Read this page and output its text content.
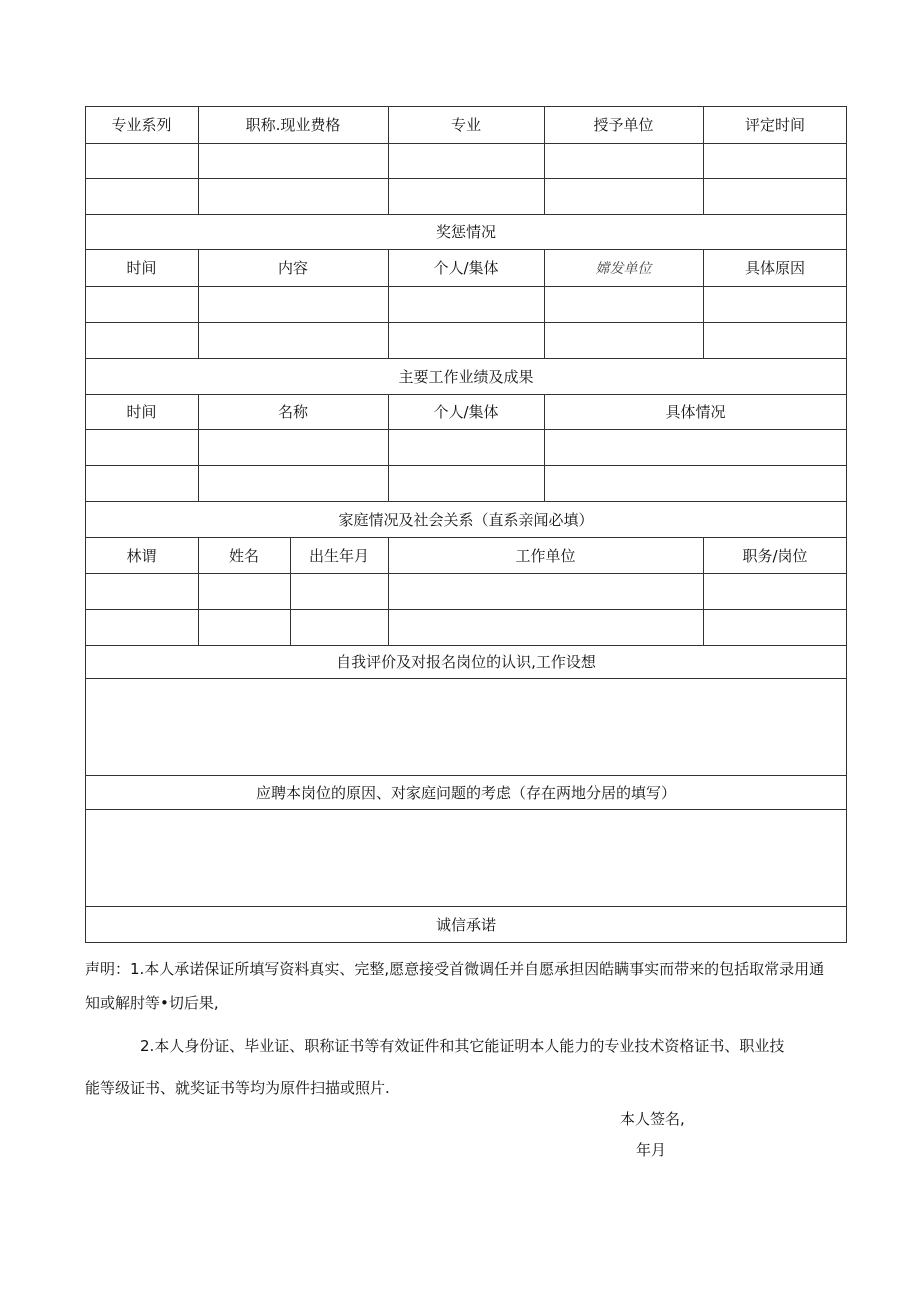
专业系列	职称.现业费格	专业	授予单位	评定时间
奖惩情况
时间	内容	个人/集体	嫦发单位	具体原因
主要工作业绩及成果
时间	名称	个人/集体	具体情况
家庭情况及社会关系（直系亲闻必填）
林谓	姓名	出生年月	工作单位	职务/岗位
自我评价及对报名岗位的认识,工作设想
应聘本岗位的原因、对家庭问题的考虑（存在两地分居的填写）
诚信承诺
声明：1.本人承诺保证所填写资料真实、完整,愿意接受首微调任并自愿承担因皓瞒事实而带来的包括取常录用通
知或解肘等•切后果,
2.本人身份证、毕业证、职称证书等有效证件和其它能证明本人能力的专业技术资格证书、职业技
能等级证书、就奖证书等均为原件扫描或照片.
本人签名,
年月
